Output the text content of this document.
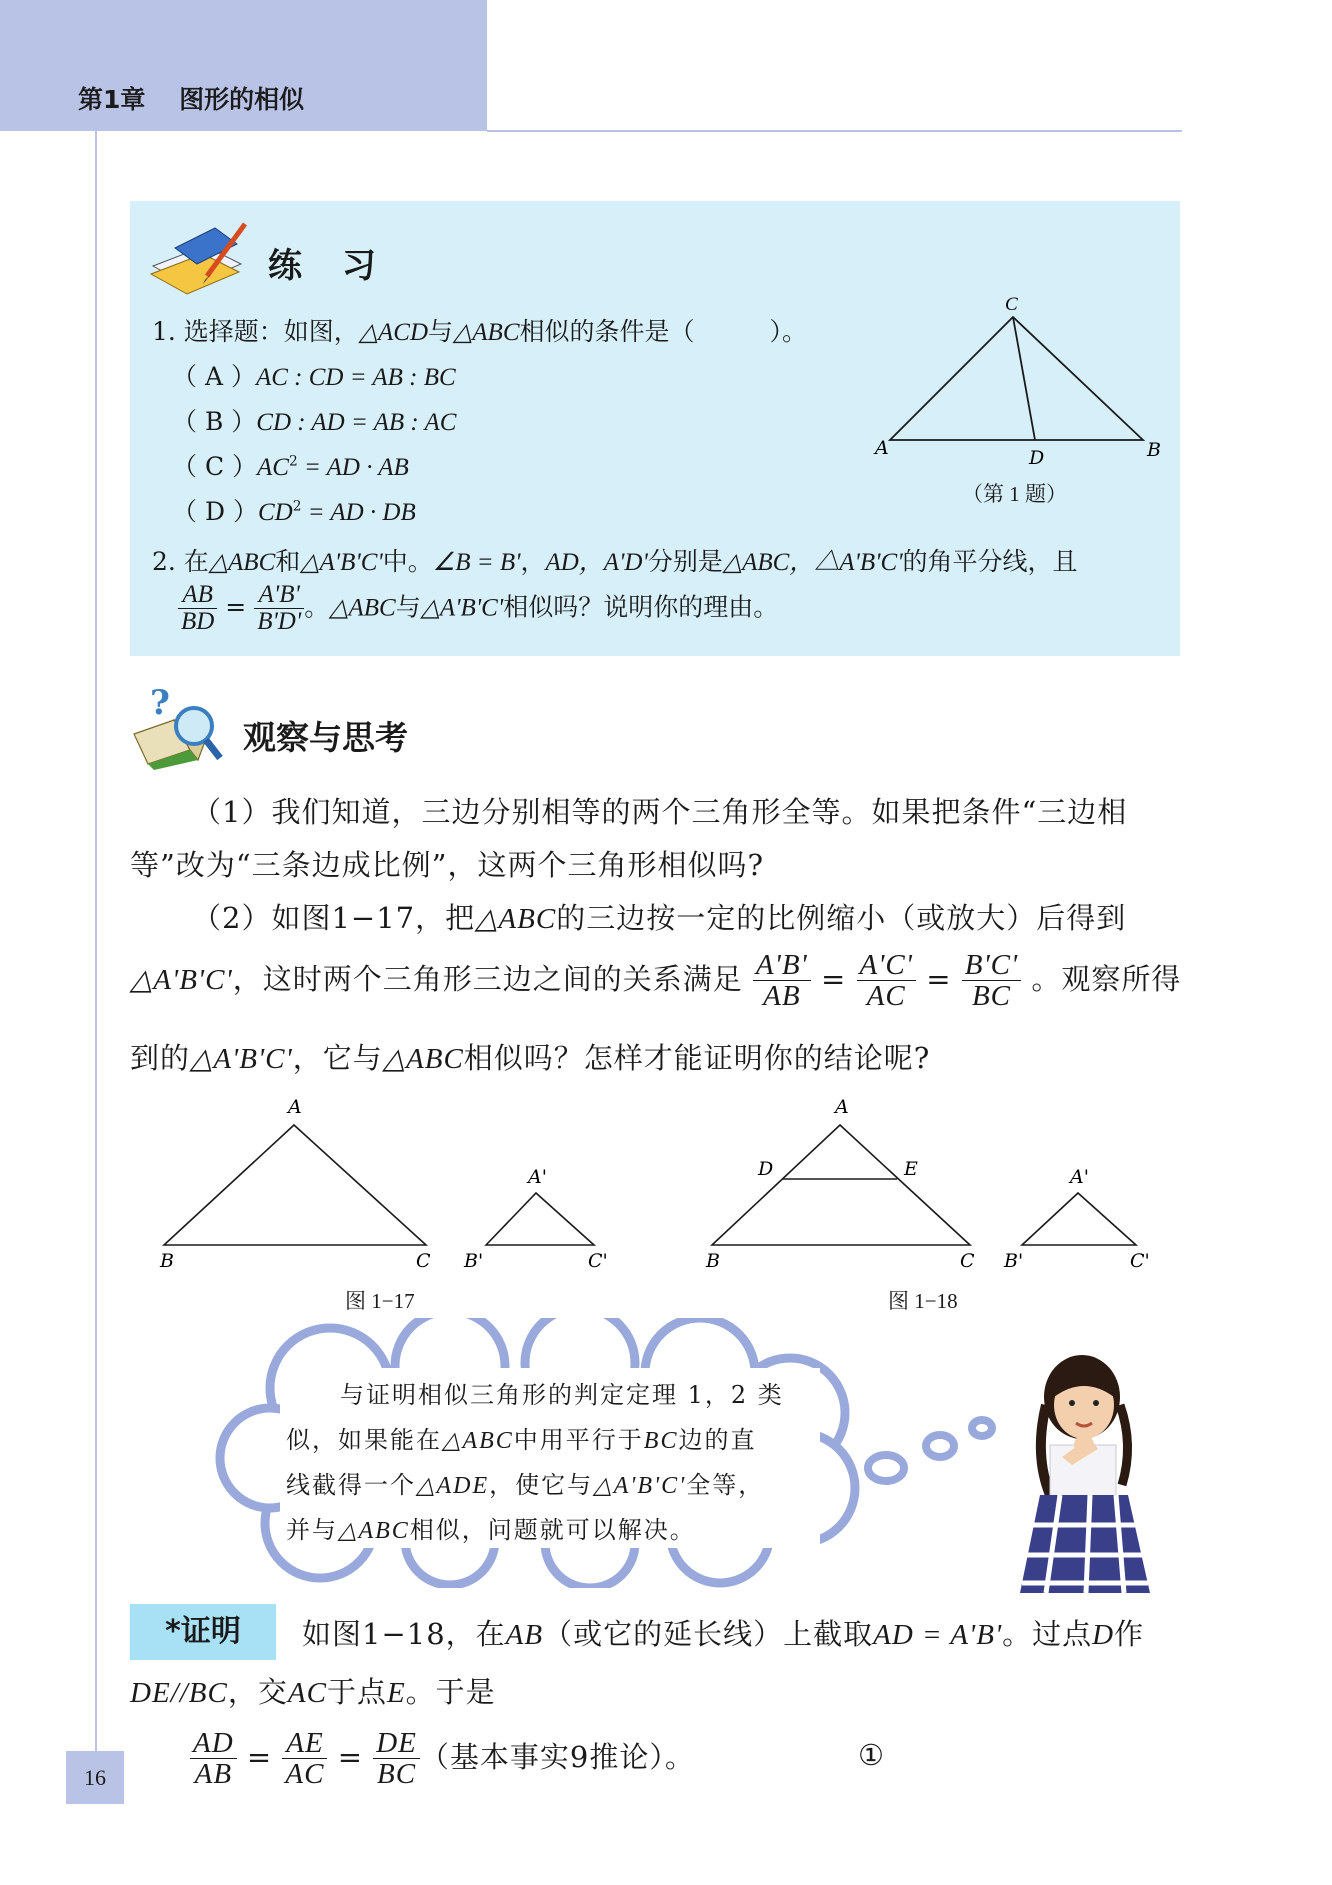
第1章　 图形的相似
16
练 习
1. 选择题：如图，△ACD与△ABC相似的条件是（　　　）。
（ A ）AC : CD = AB : BC
（ B ）CD : AD = AB : AC
（ C ）$AC^2$ = AD · AB
（ D ）$CD^2$ = AD · DB
C
A	D	B
（第 1 题）
2. 在△ABC和△A'B'C'中。∠B = B'，AD，A'D'分别是△ABC，△A'B'C'的角平分线，且
$\frac{AB}{BD} = \frac{A'B'}{B'D'}$ 。△ABC与△A'B'C'相似吗？说明你的理由。
?
观察与思考
（1）我们知道，三边分别相等的两个三角形全等。如果把条件“三边相
等”改为“三条边成比例”，这两个三角形相似吗?
（2）如图1−17，把△ABC的三边按一定的比例缩小（或放大）后得到
△A'B'C'，这时两个三角形三边之间的关系满足 $\frac{A'B'}{AB} = \frac{A'C'}{AC} = \frac{B'C'}{BC}$ 。观察所得
到的△A'B'C'，它与△ABC相似吗？怎样才能证明你的结论呢?
A
B	C
A'
B'	C'
图 1−17
A
D	E
B	C
A'
B'	C'
图 1−18
与证明相似三角形的判定定理 1，2 类
似，如果能在△ABC中用平行于BC边的直
线截得一个△ADE，使它与△A'B'C'全等，
并与△ABC相似，问题就可以解决。
*证明	如图1−18，在AB（或它的延长线）上截取AD = A'B'。过点D作
DE//BC，交AC于点E。于是
$\frac{AD}{AB} = \frac{AE}{AC} = \frac{DE}{BC}$ （基本事实9推论）。	①
